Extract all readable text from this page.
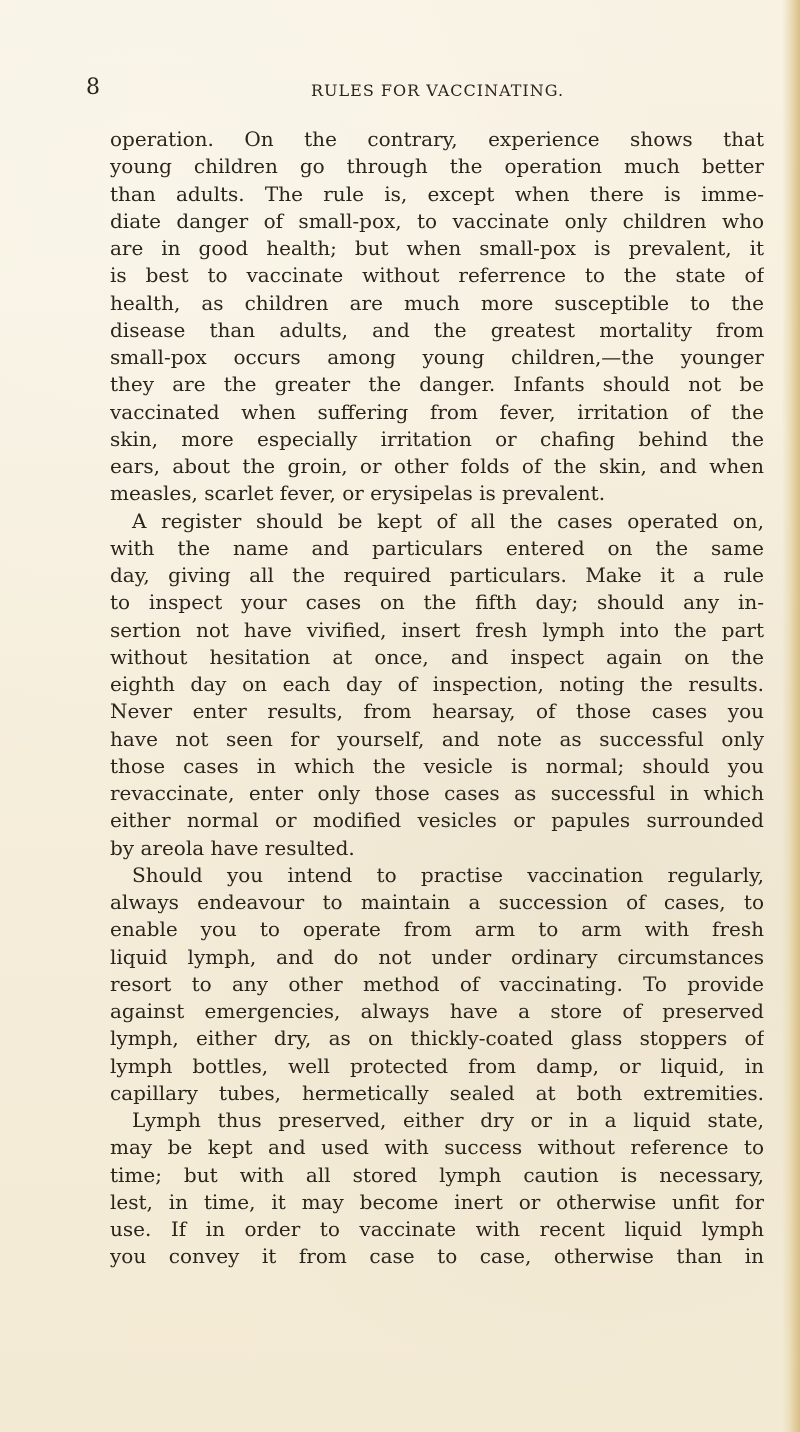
8	RULES FOR VACCINATING.
operation. On the contrary, experience shows that
young children go through the operation much better
than adults. The rule is, except when there is imme-
diate danger of small-pox, to vaccinate only children who
are in good health; but when small-pox is prevalent, it
is best to vaccinate without referrence to the state of
health, as children are much more susceptible to the
disease than adults, and the greatest mortality from
small-pox occurs among young children,—the younger
they are the greater the danger. Infants should not be
vaccinated when suffering from fever, irritation of the
skin, more especially irritation or chafing behind the
ears, about the groin, or other folds of the skin, and when
measles, scarlet fever, or erysipelas is prevalent.
A register should be kept of all the cases operated on,
with the name and particulars entered on the same
day, giving all the required particulars. Make it a rule
to inspect your cases on the fifth day; should any in-
sertion not have vivified, insert fresh lymph into the part
without hesitation at once, and inspect again on the
eighth day on each day of inspection, noting the results.
Never enter results, from hearsay, of those cases you
have not seen for yourself, and note as successful only
those cases in which the vesicle is normal; should you
revaccinate, enter only those cases as successful in which
either normal or modified vesicles or papules surrounded
by areola have resulted.
Should you intend to practise vaccination regularly,
always endeavour to maintain a succession of cases, to
enable you to operate from arm to arm with fresh
liquid lymph, and do not under ordinary circumstances
resort to any other method of vaccinating. To provide
against emergencies, always have a store of preserved
lymph, either dry, as on thickly-coated glass stoppers of
lymph bottles, well protected from damp, or liquid, in
capillary tubes, hermetically sealed at both extremities.
Lymph thus preserved, either dry or in a liquid state,
may be kept and used with success without reference to
time; but with all stored lymph caution is necessary,
lest, in time, it may become inert or otherwise unfit for
use. If in order to vaccinate with recent liquid lymph
you convey it from case to case, otherwise than in
